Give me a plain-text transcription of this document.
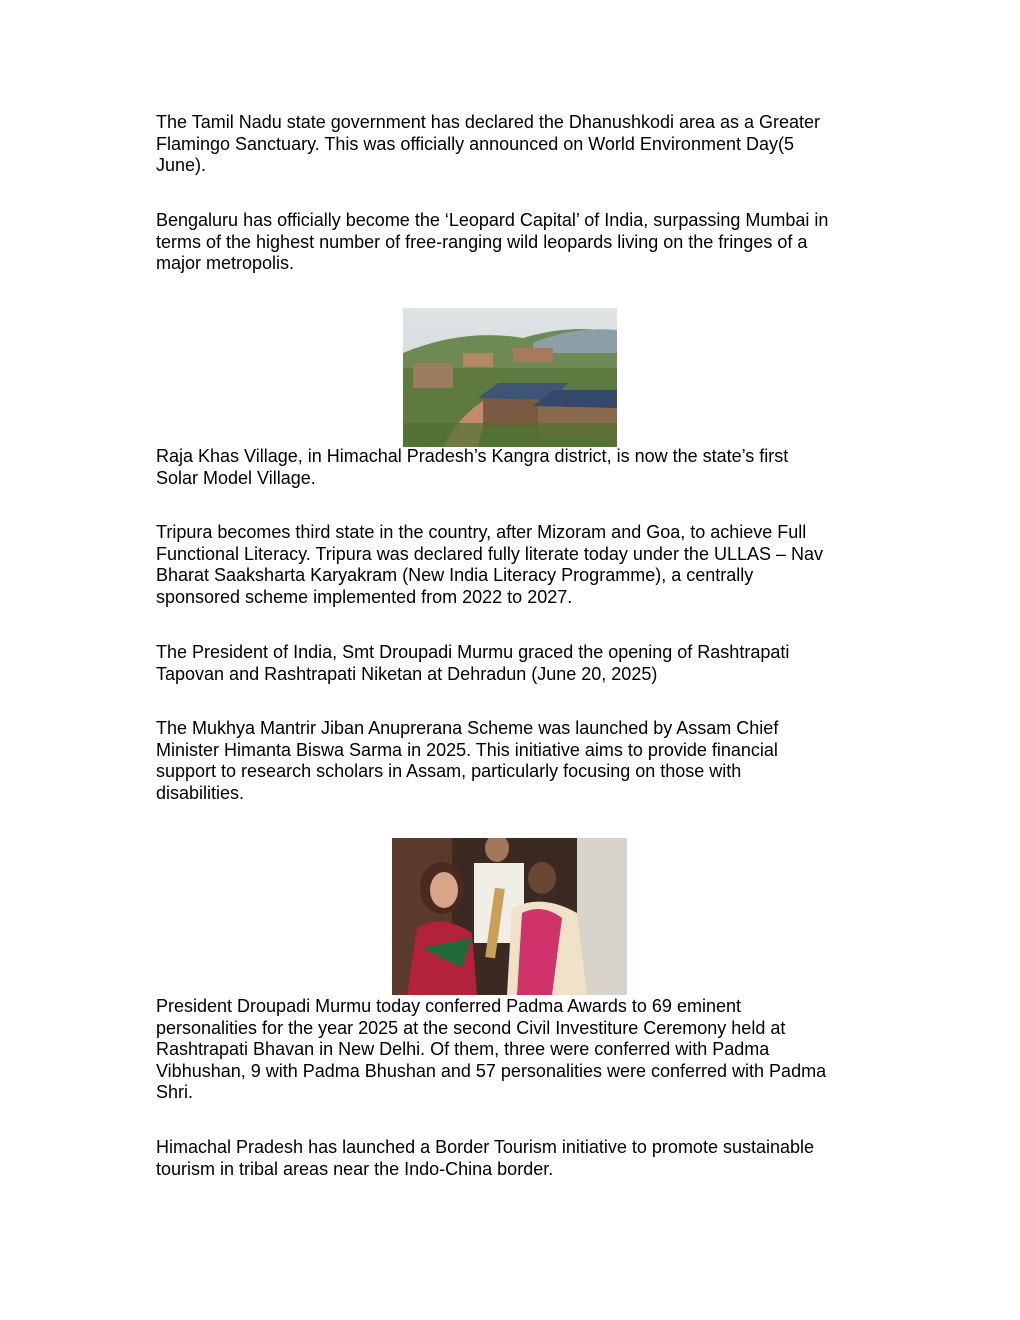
The Tamil Nadu state government has declared the Dhanushkodi area as a Greater
Flamingo Sanctuary. This was officially announced on World Environment Day(5
June).
Bengaluru has officially become the ‘Leopard Capital’ of India, surpassing Mumbai in
terms of the highest number of free-ranging wild leopards living on the fringes of a
major metropolis.
Raja Khas Village, in Himachal Pradesh’s Kangra district, is now the state’s first
Solar Model Village.
Tripura becomes third state in the country, after Mizoram and Goa, to achieve Full
Functional Literacy. Tripura was declared fully literate today under the ULLAS – Nav
Bharat Saaksharta Karyakram (New India Literacy Programme), a centrally
sponsored scheme implemented from 2022 to 2027.
The President of India, Smt Droupadi Murmu graced the opening of Rashtrapati
Tapovan and Rashtrapati Niketan at Dehradun (June 20, 2025)
The Mukhya Mantrir Jiban Anuprerana Scheme was launched by Assam Chief
Minister Himanta Biswa Sarma in 2025. This initiative aims to provide financial
support to research scholars in Assam, particularly focusing on those with
disabilities.
President Droupadi Murmu today conferred Padma Awards to 69 eminent
personalities for the year 2025 at the second Civil Investiture Ceremony held at
Rashtrapati Bhavan in New Delhi. Of them, three were conferred with Padma
Vibhushan, 9 with Padma Bhushan and 57 personalities were conferred with Padma
Shri.
Himachal Pradesh has launched a Border Tourism initiative to promote sustainable
tourism in tribal areas near the Indo-China border.
